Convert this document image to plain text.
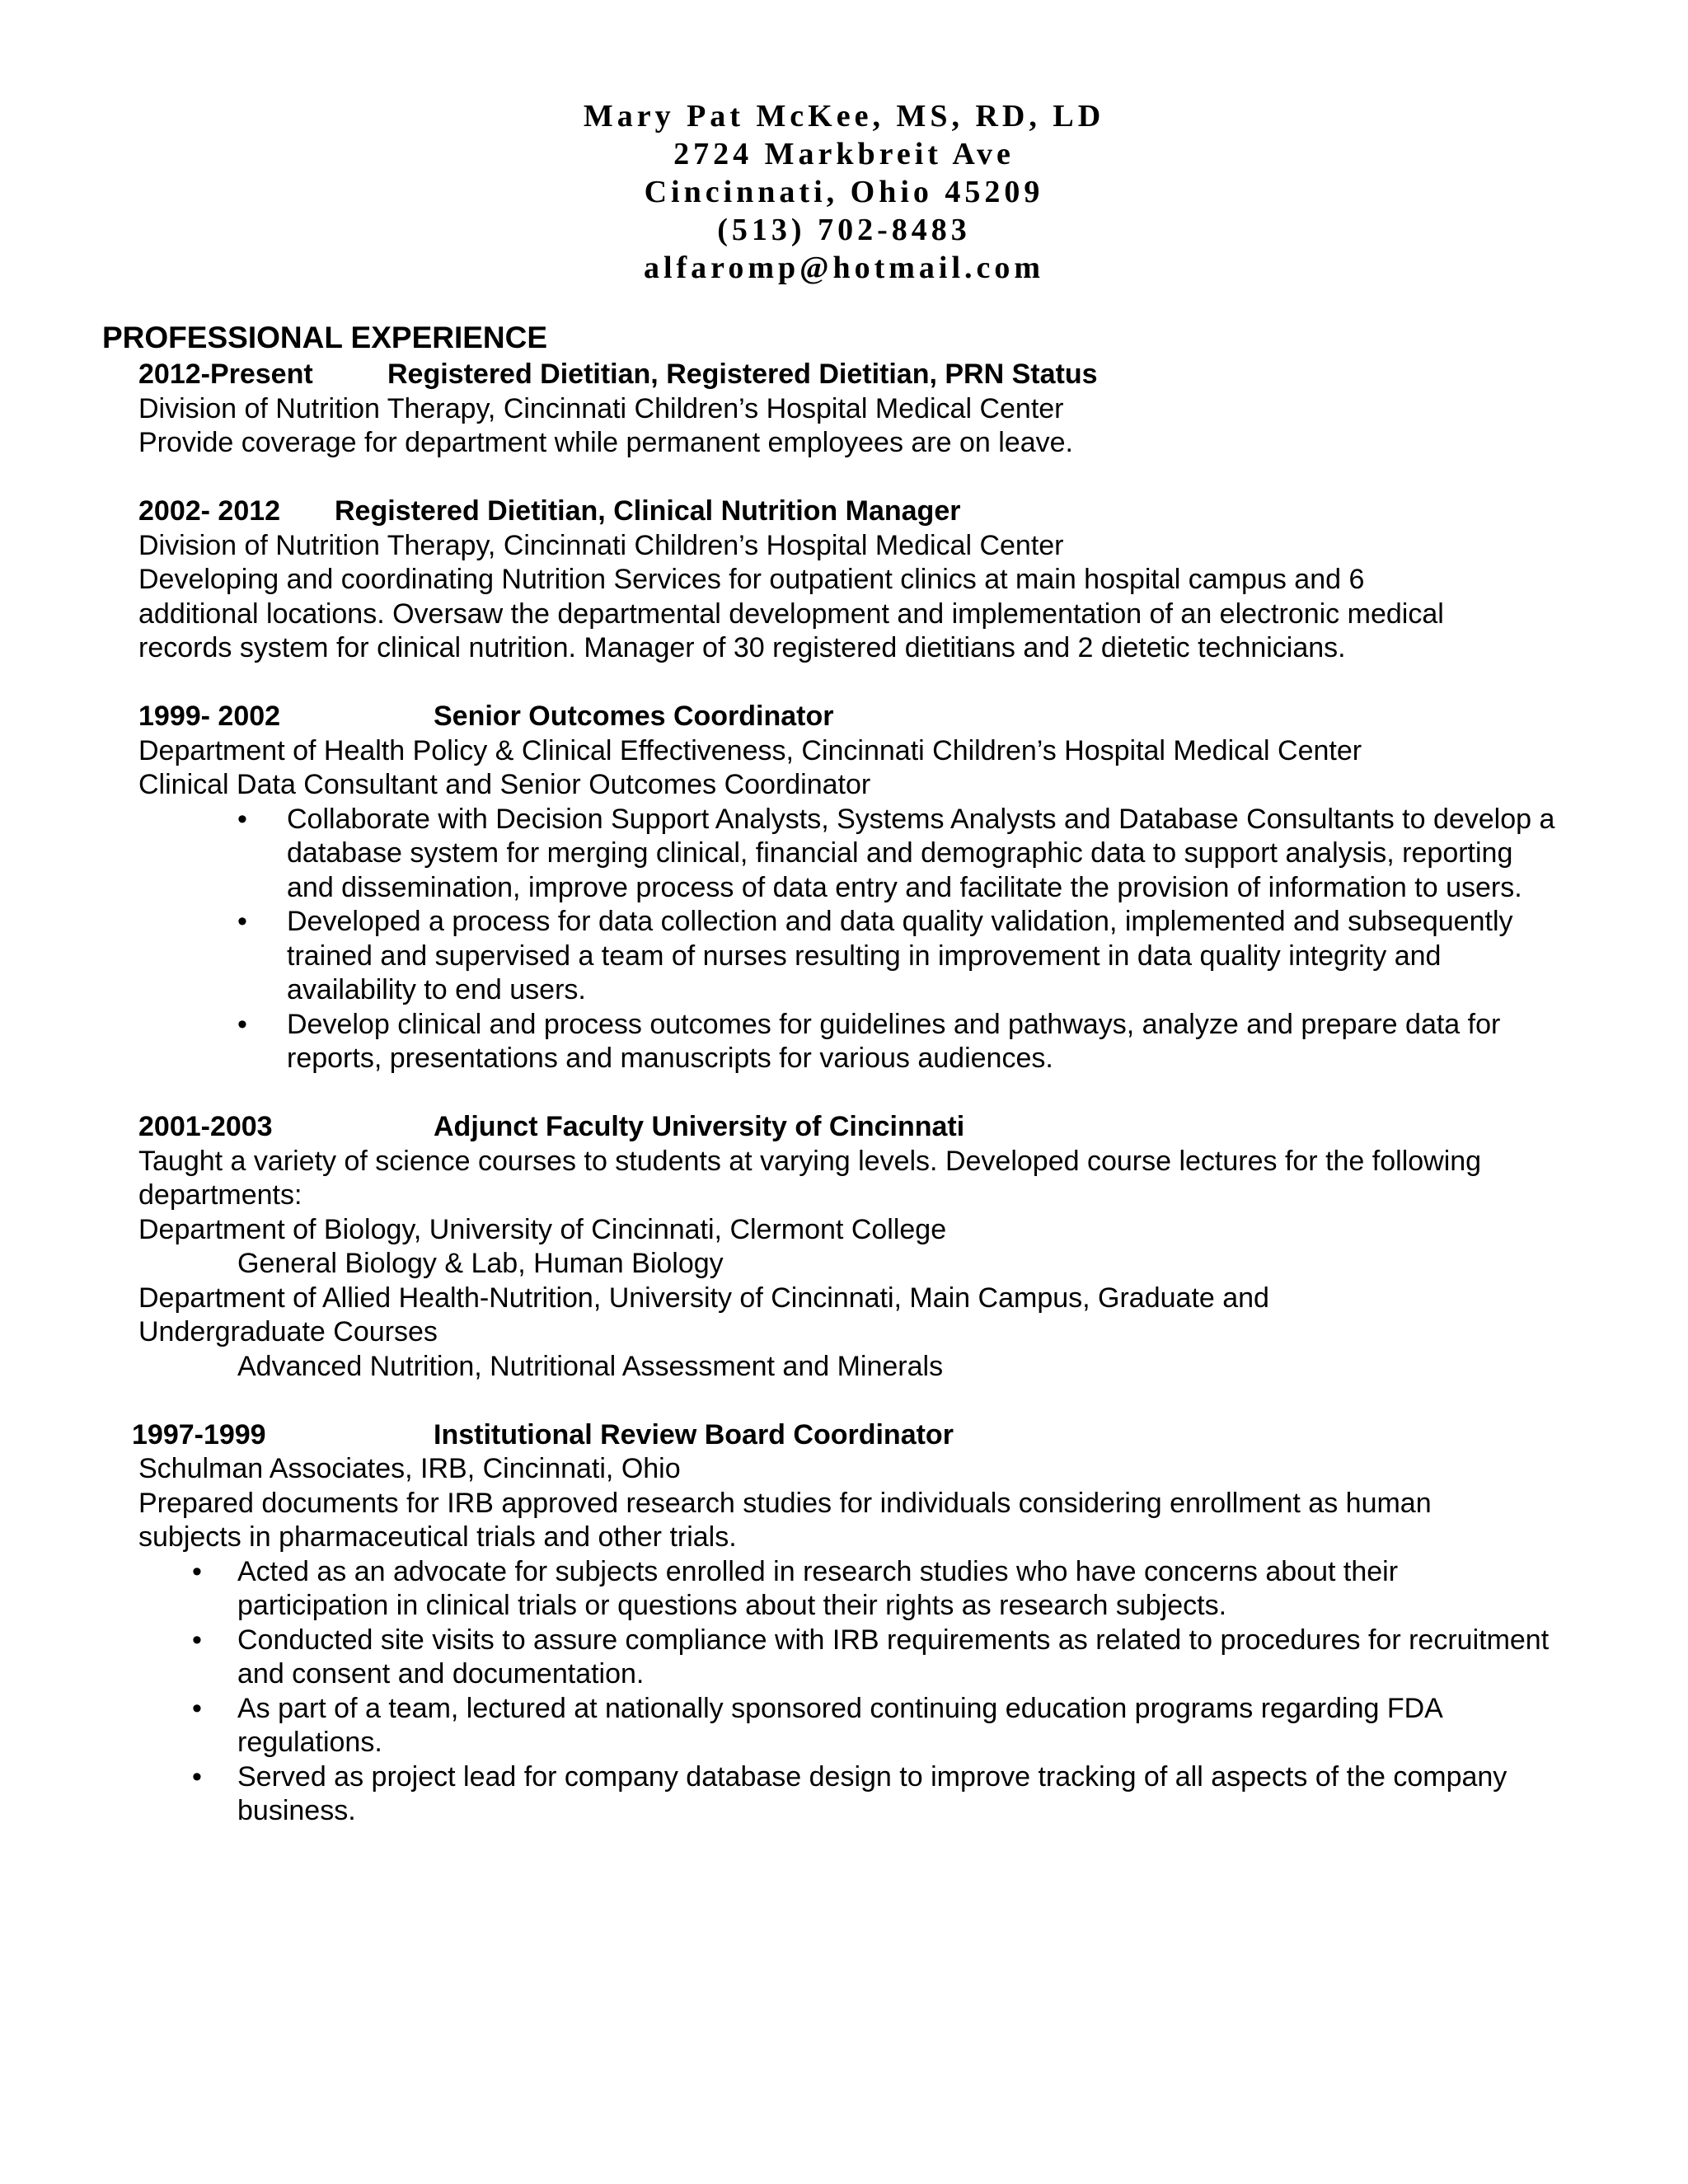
Mary Pat McKee, MS, RD, LD
2724 Markbreit Ave
Cincinnati, Ohio 45209
(513) 702-8483
alfaromp@hotmail.com
PROFESSIONAL EXPERIENCE
2012-Present	Registered Dietitian, Registered Dietitian, PRN Status
Division of Nutrition Therapy, Cincinnati Children’s Hospital Medical Center
Provide coverage for department while permanent employees are on leave.
2002- 2012 Registered Dietitian, Clinical Nutrition Manager
Division of Nutrition Therapy, Cincinnati Children’s Hospital Medical Center
Developing and coordinating Nutrition Services for outpatient clinics at main hospital campus and 6 additional locations. Oversaw the departmental development and implementation of an electronic medical records system for clinical nutrition. Manager of 30 registered dietitians and 2 dietetic technicians.
1999- 2002	Senior Outcomes Coordinator
Department of Health Policy & Clinical Effectiveness, Cincinnati Children’s Hospital Medical Center
Clinical Data Consultant and Senior Outcomes Coordinator
• Collaborate with Decision Support Analysts, Systems Analysts and Database Consultants to develop a database system for merging clinical, financial and demographic data to support analysis, reporting and dissemination, improve process of data entry and facilitate the provision of information to users.
• Developed a process for data collection and data quality validation, implemented and subsequently trained and supervised a team of nurses resulting in improvement in data quality integrity and availability to end users.
• Develop clinical and process outcomes for guidelines and pathways, analyze and prepare data for reports, presentations and manuscripts for various audiences.
2001-2003	Adjunct Faculty University of Cincinnati
Taught a variety of science courses to students at varying levels. Developed course lectures for the following departments:
Department of Biology, University of Cincinnati, Clermont College
General Biology & Lab, Human Biology
Department of Allied Health-Nutrition, University of Cincinnati, Main Campus, Graduate and Undergraduate Courses
Advanced Nutrition, Nutritional Assessment and Minerals
1997-1999	Institutional Review Board Coordinator
Schulman Associates, IRB, Cincinnati, Ohio
Prepared documents for IRB approved research studies for individuals considering enrollment as human subjects in pharmaceutical trials and other trials.
• Acted as an advocate for subjects enrolled in research studies who have concerns about their participation in clinical trials or questions about their rights as research subjects.
• Conducted site visits to assure compliance with IRB requirements as related to procedures for recruitment and consent and documentation.
• As part of a team, lectured at nationally sponsored continuing education programs regarding FDA regulations.
• Served as project lead for company database design to improve tracking of all aspects of the company business.
